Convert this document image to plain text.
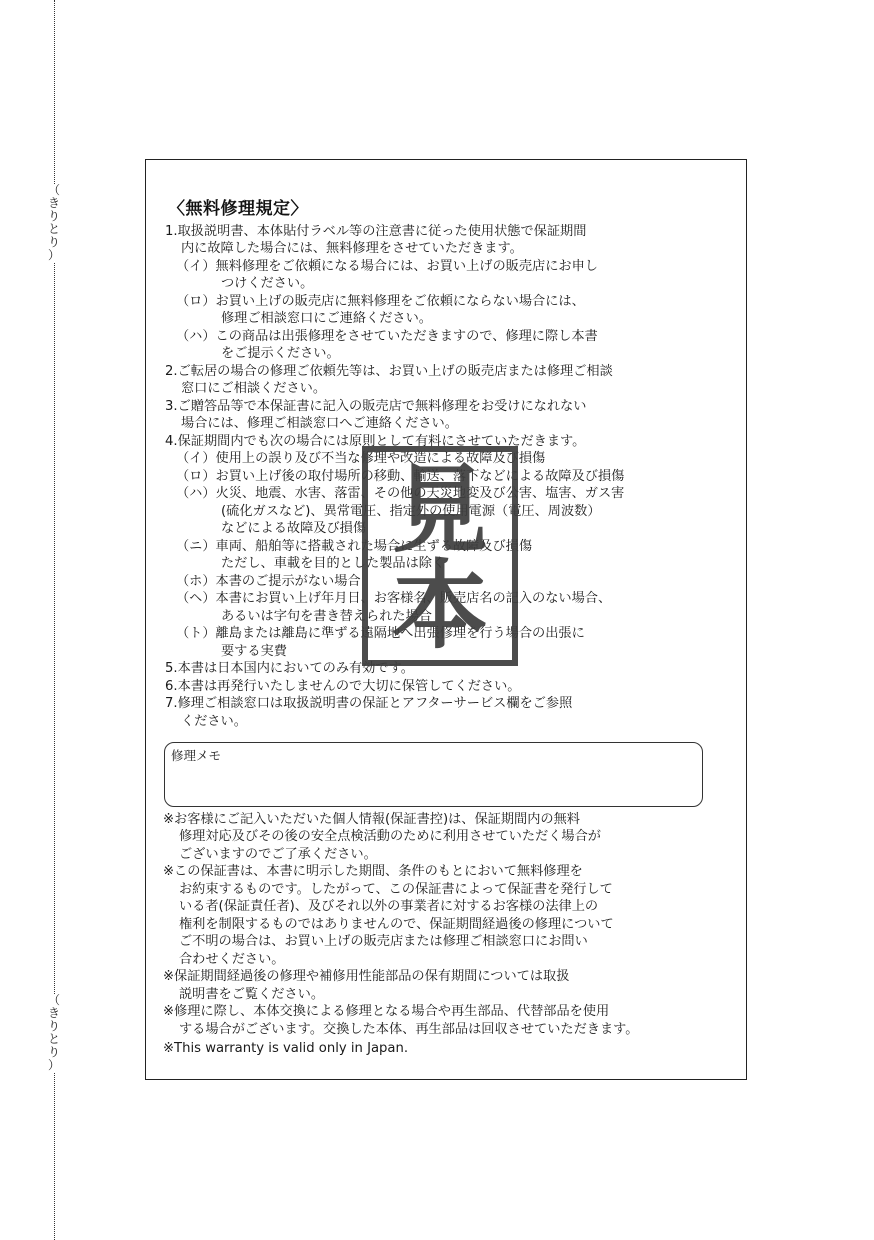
（
き
り
と
り
）
（
き
り
と
り
）
〈無料修理規定〉
1.取扱説明書、本体貼付ラベル等の注意書に従った使用状態で保証期間
内に故障した場合には、無料修理をさせていただきます。
（イ）無料修理をご依頼になる場合には、お買い上げの販売店にお申し
つけください。
（ロ）お買い上げの販売店に無料修理をご依頼にならない場合には、
修理ご相談窓口にご連絡ください。
（ハ）この商品は出張修理をさせていただきますので、修理に際し本書
をご提示ください。
2.ご転居の場合の修理ご依頼先等は、お買い上げの販売店または修理ご相談
窓口にご相談ください。
3.ご贈答品等で本保証書に記入の販売店で無料修理をお受けになれない
場合には、修理ご相談窓口へご連絡ください。
4.保証期間内でも次の場合には原則として有料にさせていただきます。
（イ）使用上の誤り及び不当な修理や改造による故障及び損傷
（ロ）お買い上げ後の取付場所の移動、輸送、落下などによる故障及び損傷
（ハ）火災、地震、水害、落雷、その他の天災地変及び公害、塩害、ガス害
(硫化ガスなど)、異常電圧、指定外の使用電源（電圧、周波数）
などによる故障及び損傷
（ニ）車両、船舶等に搭載された場合に生ずる故障及び損傷
ただし、車載を目的とした製品は除く
（ホ）本書のご提示がない場合
（ヘ）本書にお買い上げ年月日、お客様名、販売店名の記入のない場合、
あるいは字句を書き替えられた場合
（ト）離島または離島に準ずる遠隔地へ出張修理を行う場合の出張に
要する実費
5.本書は日本国内においてのみ有効です。
6.本書は再発行いたしませんので大切に保管してください。
7.修理ご相談窓口は取扱説明書の保証とアフターサービス欄をご参照
ください。
修理メモ
※お客様にご記入いただいた個人情報(保証書控)は、保証期間内の無料
修理対応及びその後の安全点検活動のために利用させていただく場合が
ございますのでご了承ください。
※この保証書は、本書に明示した期間、条件のもとにおいて無料修理を
お約束するものです。したがって、この保証書によって保証書を発行して
いる者(保証責任者)、及びそれ以外の事業者に対するお客様の法律上の
権利を制限するものではありませんので、保証期間経過後の修理について
ご不明の場合は、お買い上げの販売店または修理ご相談窓口にお問い
合わせください。
※保証期間経過後の修理や補修用性能部品の保有期間については取扱
説明書をご覧ください。
※修理に際し、本体交換による修理となる場合や再生部品、代替部品を使用
する場合がございます。交換した本体、再生部品は回収させていただきます。
※This warranty is valid only in Japan.
見
本
